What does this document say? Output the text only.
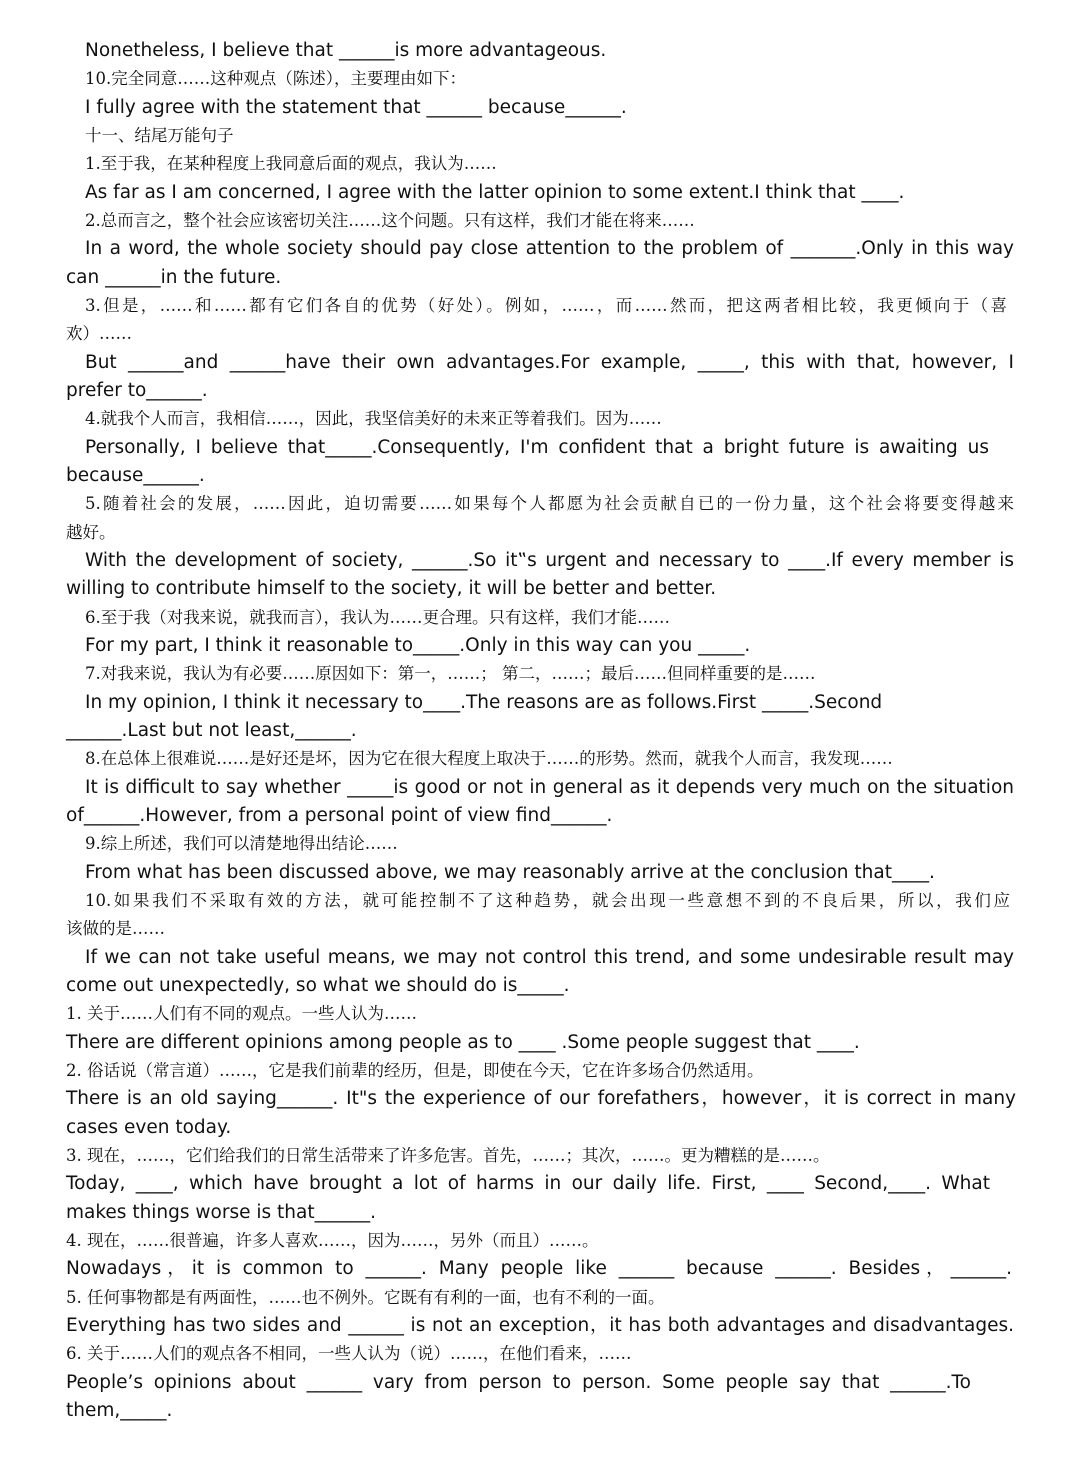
Nonetheless, I believe that ______is more advantageous.
10.完全同意……这种观点（陈述），主要理由如下：
I fully agree with the statement that ______ because______.
十一、结尾万能句子
1.至于我，在某种程度上我同意后面的观点，我认为……
As far as I am concerned, I agree with the latter opinion to some extent.I think that ____.
2.总而言之，整个社会应该密切关注……这个问题。只有这样，我们才能在将来……
In a word, the whole society should pay close attention to the problem of _______.Only in this way
can ______in the future.
3.但是，……和……都有它们各自的优势（好处）。例如，……，而……然而，把这两者相比较，我更倾向于（喜
欢）……
But ______and ______have their own advantages.For example, _____, this with that, however, I
prefer to______.
4.就我个人而言，我相信……，因此，我坚信美好的未来正等着我们。因为……
Personally, I believe that_____.Consequently, I'm confident that a bright future is awaiting us
because______.
5.随着社会的发展，……因此，迫切需要……如果每个人都愿为社会贡献自已的一份力量，这个社会将要变得越来
越好。
With the development of society, ______.So it‟s urgent and necessary to ____.If every member is
willing to contribute himself to the society, it will be better and better.
6.至于我（对我来说，就我而言），我认为……更合理。只有这样，我们才能……
For my part, I think it reasonable to_____.Only in this way can you _____.
7.对我来说，我认为有必要……原因如下：第一，……； 第二，……；最后……但同样重要的是……
In my opinion, I think it necessary to____.The reasons are as follows.First _____.Second
______.Last but not least,______.
8.在总体上很难说……是好还是坏，因为它在很大程度上取决于……的形势。然而，就我个人而言，我发现……
It is difficult to say whether _____is good or not in general as it depends very much on the situation
of______.However, from a personal point of view find______.
9.综上所述，我们可以清楚地得出结论……
From what has been discussed above, we may reasonably arrive at the conclusion that____.
10.如果我们不采取有效的方法，就可能控制不了这种趋势，就会出现一些意想不到的不良后果，所以，我们应
该做的是……
If we can not take useful means, we may not control this trend, and some undesirable result may
come out unexpectedly, so what we should do is_____.
1. 关于……人们有不同的观点。一些人认为……
There are different opinions among people as to ____ .Some people suggest that ____.
2. 俗话说（常言道）……，它是我们前辈的经历，但是，即使在今天，它在许多场合仍然适用。
There is an old saying______. It"s the experience of our forefathers，however，it is correct in many
cases even today.
3. 现在，……，它们给我们的日常生活带来了许多危害。首先，……；其次，……。更为糟糕的是……。
Today, ____, which have brought a lot of harms in our daily life. First, ____ Second,____. What
makes things worse is that______.
4. 现在，……很普遍，许多人喜欢……，因为……，另外（而且）……。
Nowadays，it is common to ______. Many people like ______ because ______. Besides，______.
5. 任何事物都是有两面性，……也不例外。它既有有利的一面，也有不利的一面。
Everything has two sides and ______ is not an exception，it has both advantages and disadvantages.
6. 关于……人们的观点各不相同，一些人认为（说）……，在他们看来，……
People’s opinions about ______ vary from person to person. Some people say that ______.To
them,_____.
